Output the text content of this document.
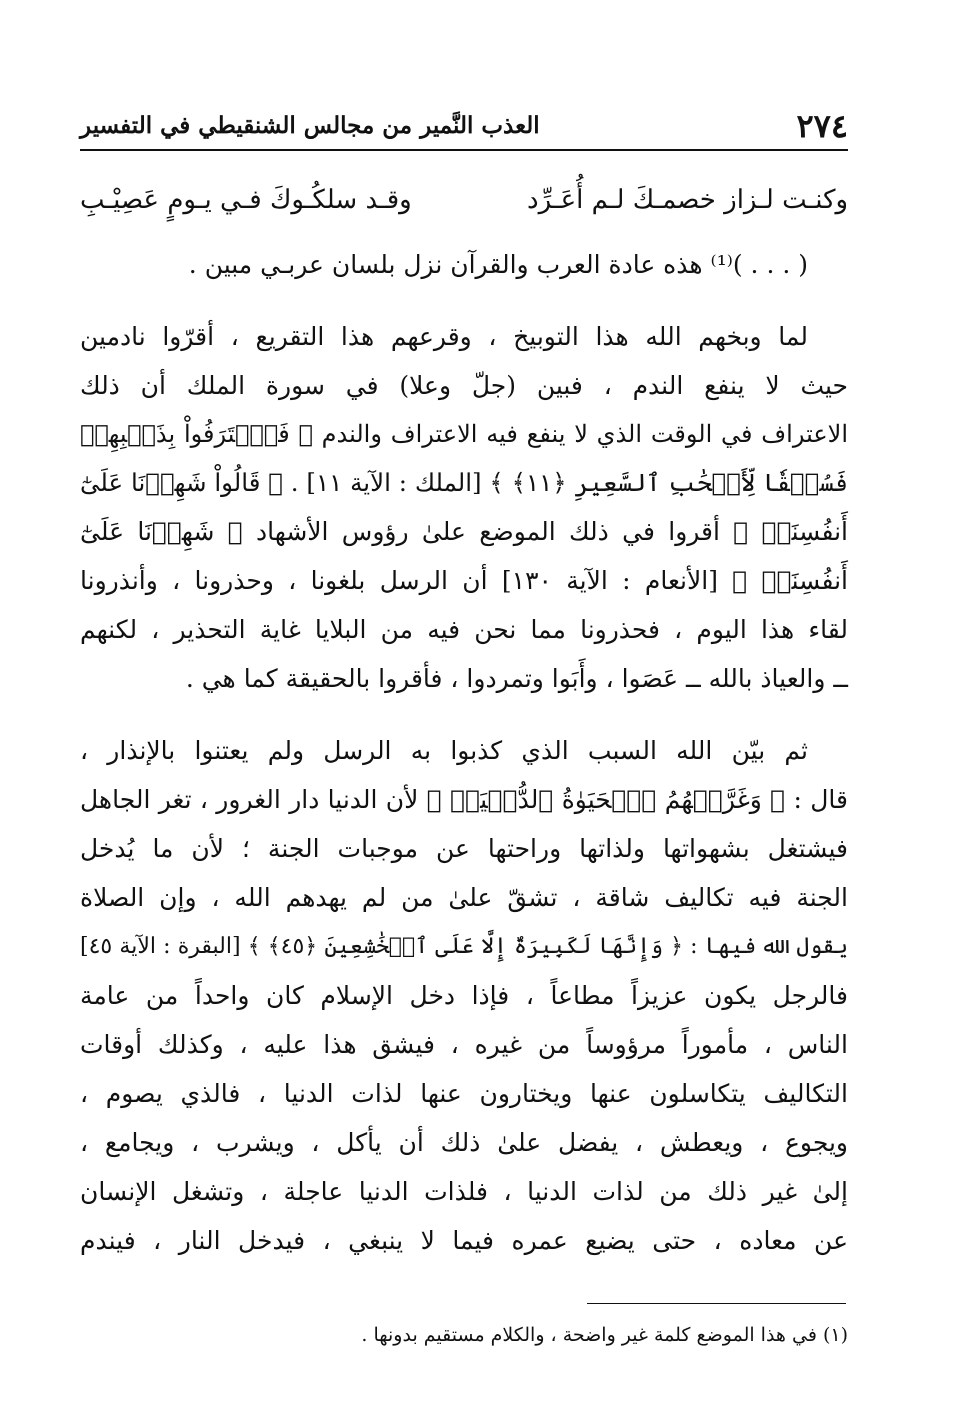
٢٧٤
العذب النَّمير من مجالس الشنقيطي في التفسير
وكنـت لـزاز خصمـكَ لـم أُعَـرِّد
وقـد سلكُـوكَ فـي يـومٍ عَصِيْـبِ
( . . . )⁽¹⁾ هذه عادة العرب والقرآن نزل بلسان عربـي مبين .
لما وبخهم الله هذا التوبيخ ، وقرعهم هذا التقريع ، أقرّوا نادمين
حيث لا ينفع الندم ، فبين (جلّ وعلا) في سورة الملك أن ذلك
الاعتراف في الوقت الذي لا ينفع فيه الاعتراف والندم ﴿ فَٱعۡتَرَفُواْ بِذَنۢبِهِمۡ
فَسُحۡقٗا لِّأَصۡحَٰبِ ٱلسَّعِيرِ ﴿١١﴾ ﴾ [الملك : الآية ١١] . ﴿ قَالُواْ شَهِدۡنَا عَلَىٰٓ
أَنفُسِنَاۖ ﴾ أقروا في ذلك الموضع علىٰ رؤوس الأشهاد ﴿ شَهِدۡنَا عَلَىٰٓ
أَنفُسِنَاۖ ﴾ [الأنعام : الآية ١٣٠] أن الرسل بلغونا ، وحذرونا ، وأنذرونا
لقاء هذا اليوم ، فحذرونا مما نحن فيه من البلايا غاية التحذير ، لكنهم
ــ والعياذ بالله ــ عَصَوا ، وأَبَوا وتمردوا ، فأقروا بالحقيقة كما هي .
ثم بيّن الله السبب الذي كذبوا به الرسل ولم يعتنوا بالإنذار ،
قال : ﴿ وَغَرَّتۡهُمُ ٱلۡحَيَوٰةُ ٱلدُّنۡيَاۚ ﴾ لأن الدنيا دار الغرور ، تغر الجاهل
فيشتغل بشهواتها ولذاتها وراحتها عن موجبات الجنة ؛ لأن ما يُدخل
الجنة فيه تكاليف شاقة ، تشقّ علىٰ من لم يهدهم الله ، وإن الصلاة
يقول الله فيها : ﴿ وَإِنَّهَا لَكَبِيرَةٌ إِلَّا عَلَى ٱلۡخَٰشِعِينَ ﴿٤٥﴾ ﴾ [البقرة : الآية ٤٥]
فالرجل يكون عزيزاً مطاعاً ، فإذا دخل الإسلام كان واحداً من عامة
الناس ، مأموراً مرؤوساً من غيره ، فيشق هذا عليه ، وكذلك أوقات
التكاليف يتكاسلون عنها ويختارون عنها لذات الدنيا ، فالذي يصوم ،
ويجوع ، ويعطش ، يفضل علىٰ ذلك أن يأكل ، ويشرب ، ويجامع ،
إلىٰ غير ذلك من لذات الدنيا ، فلذات الدنيا عاجلة ، وتشغل الإنسان
عن معاده ، حتى يضيع عمره فيما لا ينبغي ، فيدخل النار ، فيندم
(١) في هذا الموضع كلمة غير واضحة ، والكلام مستقيم بدونها .
